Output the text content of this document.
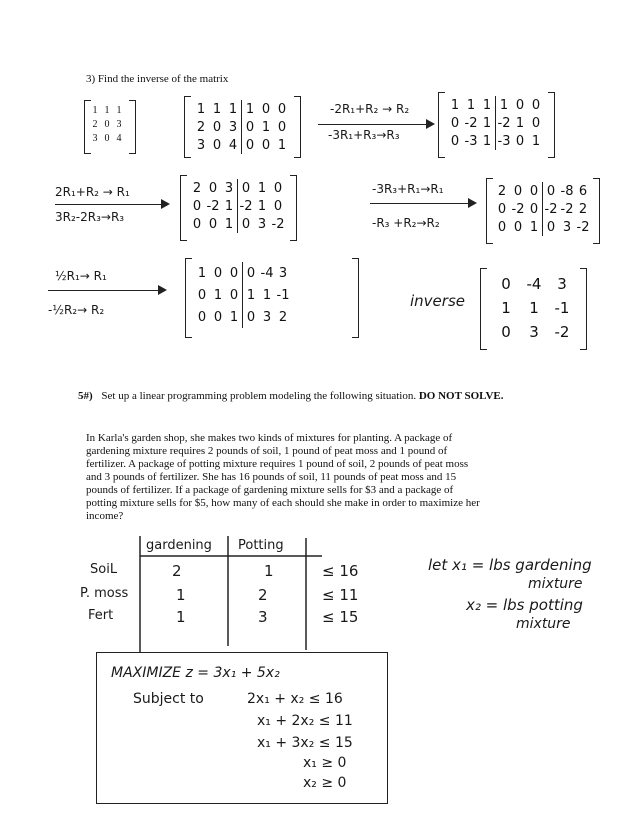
3) Find the inverse of the matrix
1	1	1
2	0	3
3	0	4
1	1	1	1	0	0
2	0	3	0	1	0
3	0	4	0	0	1
-2R₁+R₂ → R₂
-3R₁+R₃→R₃
1	1	1	1	0	0
0	-2	1	-2	1	0
0	-3	1	-3	0	1
2R₁+R₂ → R₁
3R₂-2R₃→R₃
2	0	3	0	1	0
0	-2	1	-2	1	0
0	0	1	0	3	-2
-3R₃+R₁→R₁
-R₃ +R₂→R₂
2	0	0	0	-8	6
0	-2	0	-2	-2	2
0	0	1	0	3	-2
½R₁→ R₁
-½R₂→ R₂
1	0	0	0	-4	3
0	1	0	1	1	-1
0	0	1	0	3	2
inverse
0	-4	3
1	1	-1
0	3	-2
5#) Set up a linear programming problem modeling the following situation. DO NOT SOLVE.
In Karla's garden shop, she makes two kinds of mixtures for planting. A package of
gardening mixture requires 2 pounds of soil, 1 pound of peat moss and 1 pound of
fertilizer. A package of potting mixture requires 1 pound of soil, 2 pounds of peat moss
and 3 pounds of fertilizer. She has 16 pounds of soil, 11 pounds of peat moss and 15
pounds of fertilizer. If a package of gardening mixture sells for $3 and a package of
potting mixture sells for $5, how many of each should she make in order to maximize her
income?
gardening Potting
SoiL	2	1	≤ 16
P. moss	1	2	≤ 11
Fert	1	3	≤ 15
let x₁ = lbs gardening
mixture
x₂ = lbs potting
mixture
MAXIMIZE z = 3x₁ + 5x₂
Subject to	2x₁ + x₂ ≤ 16
x₁ + 2x₂ ≤ 11
x₁ + 3x₂ ≤ 15
x₁ ≥ 0
x₂ ≥ 0
